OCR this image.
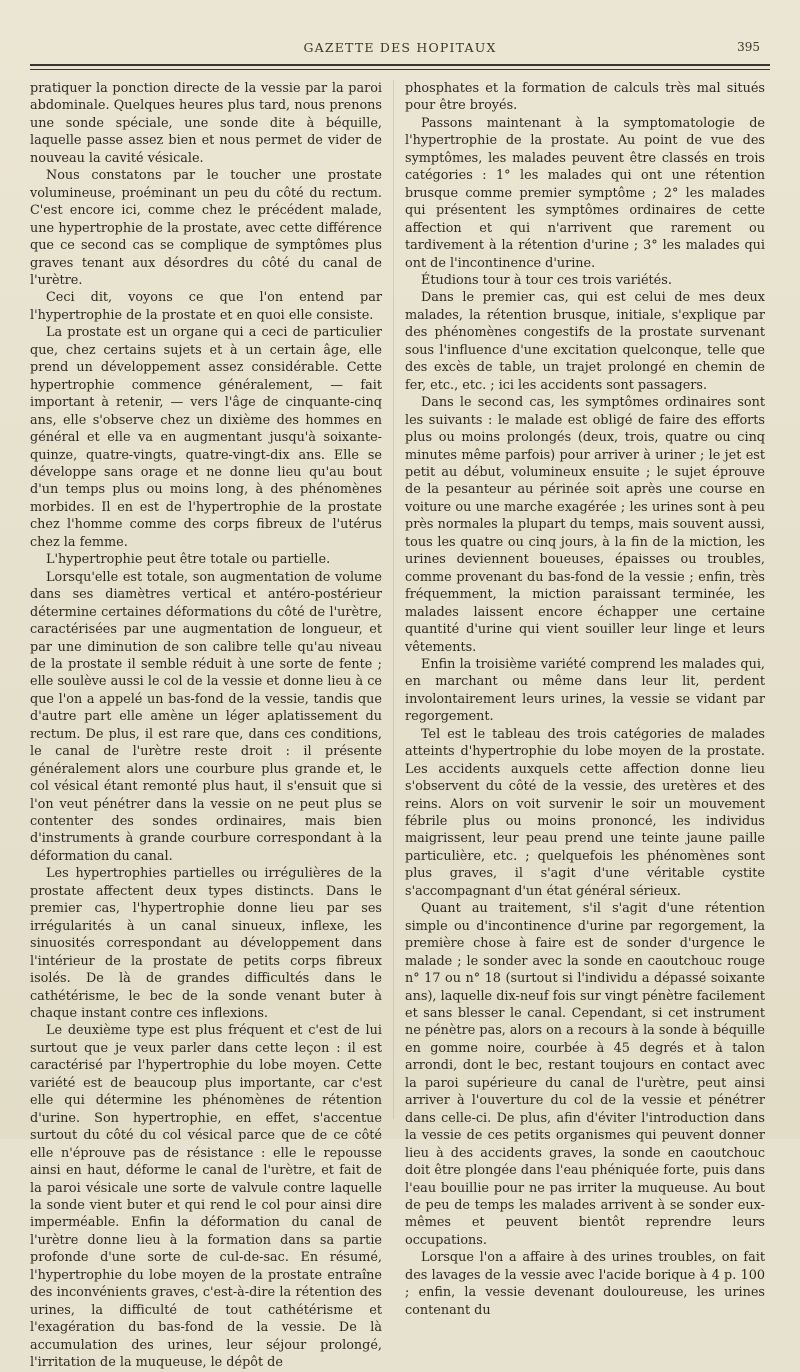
GAZETTE DES HOPITAUX	395

pratiquer la ponction directe de la vessie par la paroi abdominale. Quelques heures plus tard, nous prenons une sonde spéciale, une sonde dite à béquille, laquelle passe assez bien et nous permet de vider de nouveau la cavité vésicale.

Nous constatons par le toucher une prostate volumineuse, proéminant un peu du côté du rectum. C'est encore ici, comme chez le précédent malade, une hypertrophie de la prostate, avec cette différence que ce second cas se complique de symptômes plus graves tenant aux désordres du côté du canal de l'urètre.

Ceci dit, voyons ce que l'on entend par l'hypertrophie de la prostate et en quoi elle consiste.

La prostate est un organe qui a ceci de particulier que, chez certains sujets et à un certain âge, elle prend un développement assez considérable. Cette hypertrophie commence généralement, — fait important à retenir, — vers l'âge de cinquante-cinq ans, elle s'observe chez un dixième des hommes en général et elle va en augmentant jusqu'à soixante-quinze, quatre-vingts, quatre-vingt-dix ans. Elle se développe sans orage et ne donne lieu qu'au bout d'un temps plus ou moins long, à des phénomènes morbides. Il en est de l'hypertrophie de la prostate chez l'homme comme des corps fibreux de l'utérus chez la femme.

L'hypertrophie peut être totale ou partielle.

Lorsqu'elle est totale, son augmentation de volume dans ses diamètres vertical et antéro-postérieur détermine certaines déformations du côté de l'urètre, caractérisées par une augmentation de longueur, et par une diminution de son calibre telle qu'au niveau de la prostate il semble réduit à une sorte de fente ; elle soulève aussi le col de la vessie et donne lieu à ce que l'on a appelé un bas-fond de la vessie, tandis que d'autre part elle amène un léger aplatissement du rectum. De plus, il est rare que, dans ces conditions, le canal de l'urètre reste droit : il présente généralement alors une courbure plus grande et, le col vésical étant remonté plus haut, il s'ensuit que si l'on veut pénétrer dans la vessie on ne peut plus se contenter des sondes ordinaires, mais bien d'instruments à grande courbure correspondant à la déformation du canal.

Les hypertrophies partielles ou irrégulières de la prostate affectent deux types distincts. Dans le premier cas, l'hypertrophie donne lieu par ses irrégularités à un canal sinueux, inflexe, les sinuosités correspondant au développement dans l'intérieur de la prostate de petits corps fibreux isolés. De là de grandes difficultés dans le cathétérisme, le bec de la sonde venant buter à chaque instant contre ces inflexions.

Le deuxième type est plus fréquent et c'est de lui surtout que je veux parler dans cette leçon : il est caractérisé par l'hypertrophie du lobe moyen. Cette variété est de beaucoup plus importante, car c'est elle qui détermine les phénomènes de rétention d'urine. Son hypertrophie, en effet, s'accentue surtout du côté du col vésical parce que de ce côté elle n'éprouve pas de résistance : elle le repousse ainsi en haut, déforme le canal de l'urètre, et fait de la paroi vésicale une sorte de valvule contre laquelle la sonde vient buter et qui rend le col pour ainsi dire imperméable. Enfin la déformation du canal de l'urètre donne lieu à la formation dans sa partie profonde d'une sorte de cul-de-sac. En résumé, l'hypertrophie du lobe moyen de la prostate entraîne des inconvénients graves, c'est-à-dire la rétention des urines, la difficulté de tout cathétérisme et l'exagération du bas-fond de la vessie. De là accumulation des urines, leur séjour prolongé, l'irritation de la muqueuse, le dépôt de

phosphates et la formation de calculs très mal situés pour être broyés.

Passons maintenant à la symptomatologie de l'hypertrophie de la prostate. Au point de vue des symptômes, les malades peuvent être classés en trois catégories : 1° les malades qui ont une rétention brusque comme premier symptôme ; 2° les malades qui présentent les symptômes ordinaires de cette affection et qui n'arrivent que rarement ou tardivement à la rétention d'urine ; 3° les malades qui ont de l'incontinence d'urine.

Étudions tour à tour ces trois variétés.

Dans le premier cas, qui est celui de mes deux malades, la rétention brusque, initiale, s'explique par des phénomènes congestifs de la prostate survenant sous l'influence d'une excitation quelconque, telle que des excès de table, un trajet prolongé en chemin de fer, etc., etc. ; ici les accidents sont passagers.

Dans le second cas, les symptômes ordinaires sont les suivants : le malade est obligé de faire des efforts plus ou moins prolongés (deux, trois, quatre ou cinq minutes même parfois) pour arriver à uriner ; le jet est petit au début, volumineux ensuite ; le sujet éprouve de la pesanteur au périnée soit après une course en voiture ou une marche exagérée ; les urines sont à peu près normales la plupart du temps, mais souvent aussi, tous les quatre ou cinq jours, à la fin de la miction, les urines deviennent boueuses, épaisses ou troubles, comme provenant du bas-fond de la vessie ; enfin, très fréquemment, la miction paraissant terminée, les malades laissent encore échapper une certaine quantité d'urine qui vient souiller leur linge et leurs vêtements.

Enfin la troisième variété comprend les malades qui, en marchant ou même dans leur lit, perdent involontairement leurs urines, la vessie se vidant par regorgement.

Tel est le tableau des trois catégories de malades atteints d'hypertrophie du lobe moyen de la prostate. Les accidents auxquels cette affection donne lieu s'observent du côté de la vessie, des uretères et des reins. Alors on voit survenir le soir un mouvement fébrile plus ou moins prononcé, les individus maigrissent, leur peau prend une teinte jaune paille particulière, etc. ; quelquefois les phénomènes sont plus graves, il s'agit d'une véritable cystite s'accompagnant d'un état général sérieux.

Quant au traitement, s'il s'agit d'une rétention simple ou d'incontinence d'urine par regorgement, la première chose à faire est de sonder d'urgence le malade ; le sonder avec la sonde en caoutchouc rouge n° 17 ou n° 18 (surtout si l'individu a dépassé soixante ans), laquelle dix-neuf fois sur vingt pénètre facilement et sans blesser le canal. Cependant, si cet instrument ne pénètre pas, alors on a recours à la sonde à béquille en gomme noire, courbée à 45 degrés et à talon arrondi, dont le bec, restant toujours en contact avec la paroi supérieure du canal de l'urètre, peut ainsi arriver à l'ouverture du col de la vessie et pénétrer dans celle-ci. De plus, afin d'éviter l'introduction dans la vessie de ces petits organismes qui peuvent donner lieu à des accidents graves, la sonde en caoutchouc doit être plongée dans l'eau phéniquée forte, puis dans l'eau bouillie pour ne pas irriter la muqueuse. Au bout de peu de temps les malades arrivent à se sonder eux-mêmes et peuvent bientôt reprendre leurs occupations.

Lorsque l'on a affaire à des urines troubles, on fait des lavages de la vessie avec l'acide borique à 4 p. 100 ; enfin, la vessie devenant douloureuse, les urines contenant du
